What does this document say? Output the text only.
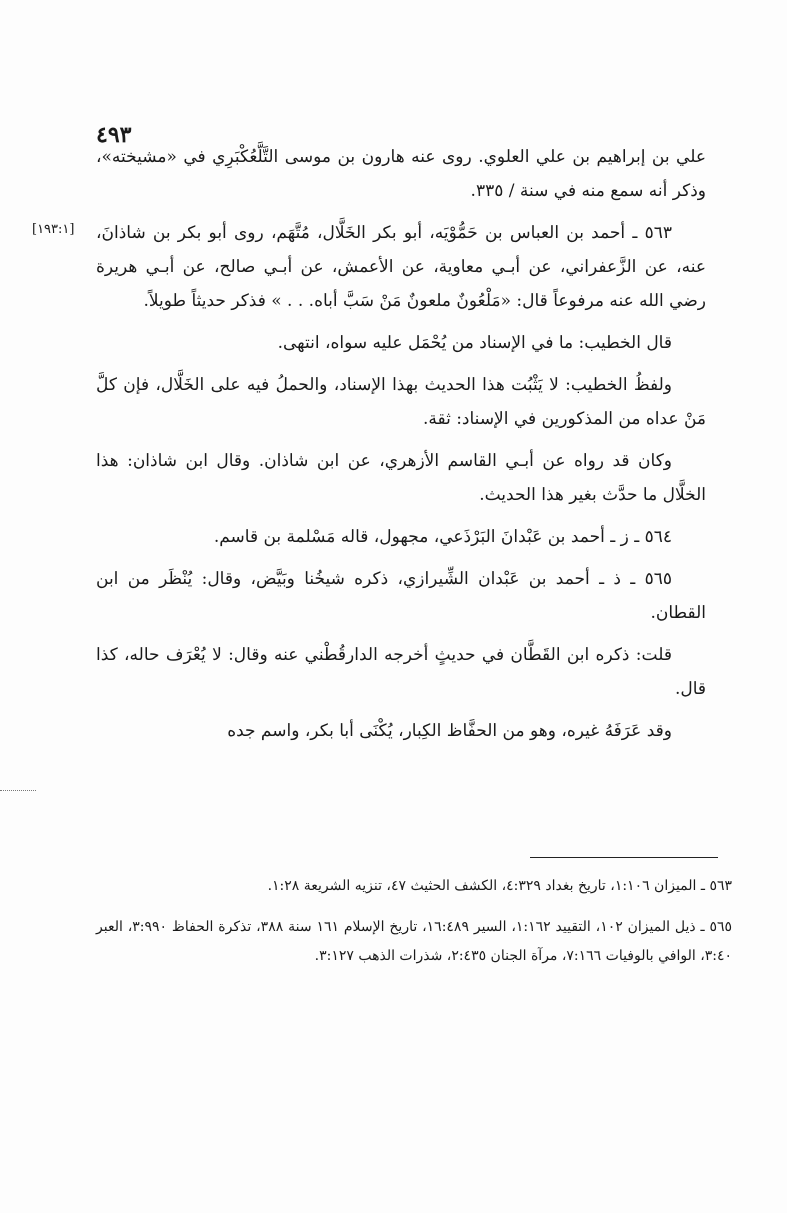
٤٩٣
[١٩٣:١]

علي بن إبراهيم بن علي العلوي. روى عنه هارون بن موسى التَّلَّعُكْبَرِي في «مشيخته»، وذكر أنه سمع منه في سنة / ٣٣٥.

٥٦٣ ـ أحمد بن العباس بن حَمُّوْيَه، أبو بكر الخَلَّال، مُتَّهَم، روى أبو بكر بن شاذانَ، عنه، عن الزَّعفراني، عن أبـي معاوية، عن الأعمش، عن أبـي صالح، عن أبـي هريرة رضي الله عنه مرفوعاً قال: «مَلْعُونٌ ملعونٌ مَنْ سَبَّ أباه. . . » فذكر حديثاً طويلاً.

قال الخطيب: ما في الإسناد من يُحْمَل عليه سواه، انتهى.

ولفظُ الخطيب: لا يَثْبُت هذا الحديث بهذا الإسناد، والحملُ فيه على الخَلَّال، فإن كلَّ مَنْ عداه من المذكورين في الإسناد: ثقة.

وكان قد رواه عن أبـي القاسم الأزهري، عن ابن شاذان. وقال ابن شاذان: هذا الخلَّال ما حدَّث بغير هذا الحديث.

٥٦٤ ـ ز ـ أحمد بن عَبْدانَ البَرْذَعي، مجهول، قاله مَسْلمة بن قاسم.

٥٦٥ ـ ذ ـ أحمد بن عَبْدان الشِّيرازي، ذكره شيخُنا وبَيَّض، وقال: يُنْظَر من ابن القطان.

قلت: ذكره ابن القَطَّان في حديثٍ أخرجه الدارقُطْني عنه وقال: لا يُعْرَف حاله، كذا قال.

وقد عَرَفَهُ غيره، وهو من الحفَّاظ الكِبار، يُكْنَى أبا بكر، واسم جده

٥٦٣ ـ الميزان ١:١٠٦، تاريخ بغداد ٤:٣٢٩، الكشف الحثيث ٤٧، تنزيه الشريعة ١:٢٨.

٥٦٥ ـ ذيل الميزان ١٠٢، التقييد ١:١٦٢، السير ١٦:٤٨٩، تاريخ الإسلام ١٦١ سنة ٣٨٨، تذكرة الحفاظ ٣:٩٩٠، العبر ٣:٤٠، الوافي بالوفيات ٧:١٦٦، مرآة الجنان ٢:٤٣٥، شذرات الذهب ٣:١٢٧.
